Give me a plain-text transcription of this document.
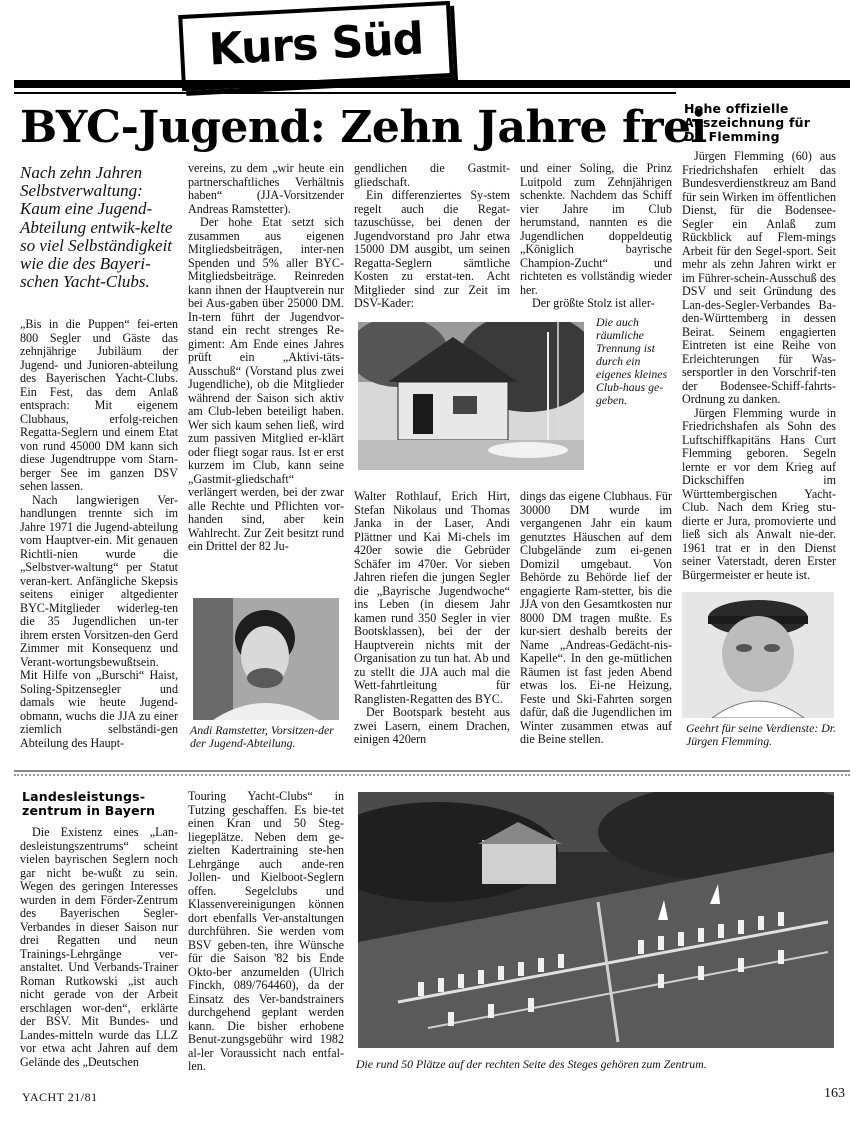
Kurs Süd
BYC-Jugend: Zehn Jahre frei
Nach zehn Jahren Selbstverwaltung: Kaum eine Jugend-Abteilung entwik-kelte so viel Selbständigkeit wie die des Bayeri-schen Yacht-Clubs.

„Bis in die Puppen“ fei-erten 800 Segler und Gäste das zehnjährige Jubiläum der Jugend- und Junioren-abteilung des Bayerischen Yacht-Clubs. Ein Fest, das dem Anlaß entsprach: Mit eigenem Clubhaus, erfolg-reichen Regatta-Seglern und einem Etat von rund 45000 DM kann sich diese Jugendtruppe vom Starn-berger See im ganzen DSV sehen lassen.

Nach langwierigen Ver-handlungen trennte sich im Jahre 1971 die Jugend-abteilung vom Hauptver-ein. Mit genauen Richtli-nien wurde die „Selbstver-waltung“ per Statut veran-kert. Anfängliche Skepsis seitens einiger altgedienter BYC-Mitglieder widerleg-ten die 35 Jugendlichen un-ter ihrem ersten Vorsitzen-den Gerd Zimmer mit Konsequenz und Verant-wortungsbewußtsein. Mit Hilfe von „Burschi“ Haist, Soling-Spitzensegler und damals wie heute Jugend-obmann, wuchs die JJA zu einer ziemlich selbständi-gen Abteilung des Haupt-

vereins, zu dem „wir heute ein partnerschaftliches Verhältnis haben“ (JJA-Vorsitzender Andreas Ramstetter).

Der hohe Etat setzt sich zusammen aus eigenen Mitgliedsbeiträgen, inter-nen Spenden und 5% aller BYC-Mitgliedsbeiträge. Reinreden kann ihnen der Hauptverein nur bei Aus-gaben über 25000 DM. In-tern führt der Jugendvor-stand ein recht strenges Re-giment: Am Ende eines Jahres prüft ein „Aktivi-täts-Ausschuß“ (Vorstand plus zwei Jugendliche), ob die Mitglieder während der Saison sich aktiv am Club-leben beteiligt haben. Wer sich kaum sehen ließ, wird zum passiven Mitglied er-klärt oder fliegt sogar raus. Ist er erst kurzem im Club, kann seine „Gastmit-gliedschaft“ verlängert werden, bei der zwar alle Rechte und Pflichten vor-handen sind, aber kein Wahlrecht. Zur Zeit besitzt rund ein Drittel der 82 Ju-

gendlichen die Gastmit-gliedschaft.

Ein differenziertes Sy-stem regelt auch die Regat-tazuschüsse, bei denen der Jugendvorstand pro Jahr etwa 15000 DM ausgibt, um seinen Regatta-Seglern sämtliche Kosten zu erstat-ten. Acht Mitglieder sind zur Zeit im DSV-Kader:

und einer Soling, die Prinz Luitpold zum Zehnjährigen schenkte. Nachdem das Schiff vier Jahre im Club herumstand, nannten es die Jugendlichen doppeldeutig „Königlich bayrische Champion-Zucht“ und richteten es vollständig wieder her.

Der größte Stolz ist aller-

Die auch räumliche Trennung ist durch ein eigenes kleines Club-haus ge-geben.

Walter Rothlauf, Erich Hirt, Stefan Nikolaus und Thomas Janka in der Laser, Andi Plättner und Kai Mi-chels im 420er sowie die Gebrüder Schäfer im 470er. Vor sieben Jahren riefen die jungen Segler die „Bayrische Jugendwoche“ ins Leben (in diesem Jahr kamen rund 350 Segler in vier Bootsklassen), bei der der Hauptverein nichts mit der Organisation zu tun hat. Ab und zu stellt die JJA auch mal die Wett-fahrtleitung für Ranglisten-Regatten des BYC.

Der Bootspark besteht aus zwei Lasern, einem Drachen, einigen 420ern

dings das eigene Clubhaus. Für 30000 DM wurde im vergangenen Jahr ein kaum genutztes Häuschen auf dem Clubgelände zum ei-genen Domizil umgebaut. Von Behörde zu Behörde lief der engagierte Ram-stetter, bis die JJA von den Gesamtkosten nur 8000 DM tragen mußte. Es kur-siert deshalb bereits der Name „Andreas-Gedächt-nis-Kapelle“. In den ge-mütlichen Räumen ist fast jeden Abend etwas los. Ei-ne Heizung, Feste und Ski-Fahrten sorgen dafür, daß die Jugendlichen im Winter zusammen etwas auf die Beine stellen.

Andi Ramstetter, Vorsitzen-der der Jugend-Abteilung.
Hohe offizielle Auszeichnung für Dr. Flemming

Jürgen Flemming (60) aus Friedrichshafen erhielt das Bundesverdienstkreuz am Band für sein Wirken im öffentlichen Dienst, für die Bodensee-Segler ein Anlaß zum Rückblick auf Flem-mings Arbeit für den Segel-sport. Seit mehr als zehn Jahren wirkt er im Führer-schein-Ausschuß des DSV und seit Gründung des Lan-des-Segler-Verbandes Ba-den-Württemberg in dessen Beirat. Seinem engagierten Eintreten ist eine Reihe von Erleichterungen für Was-sersportler in den Vorschrif-ten der Bodensee-Schiff-fahrts-Ordnung zu danken.

Jürgen Flemming wurde in Friedrichshafen als Sohn des Luftschiffkapitäns Hans Curt Flemming geboren. Segeln lernte er vor dem Krieg auf Dickschiffen im Württembergischen Yacht-Club. Nach dem Krieg stu-dierte er Jura, promovierte und ließ sich als Anwalt nie-der. 1961 trat er in den Dienst seiner Vaterstadt, deren Erster Bürgermeister er heute ist.

Geehrt für seine Verdienste: Dr. Jürgen Flemming.
Landesleistungs-zentrum in Bayern

Die Existenz eines „Lan-desleistungszentrums“ scheint vielen bayrischen Seglern noch gar nicht be-wußt zu sein. Wegen des geringen Interesses wurden in dem Förder-Zentrum des Bayerischen Segler-Verbandes in dieser Saison nur drei Regatten und neun Trainings-Lehrgänge ver-anstaltet. Und Verbands-Trainer Roman Rutkowski „ist auch nicht gerade von der Arbeit erschlagen wor-den“, erklärte der BSV. Mit Bundes- und Landes-mitteln wurde das LLZ vor etwa acht Jahren auf dem Gelände des „Deutschen

Touring Yacht-Clubs“ in Tutzing geschaffen. Es bie-tet einen Kran und 50 Steg-liegeplätze. Neben dem ge-zielten Kadertraining ste-hen Lehrgänge auch ande-ren Jollen- und Kielboot-Seglern offen. Segelclubs und Klassenvereinigungen können dort ebenfalls Ver-anstaltungen durchführen. Sie werden vom BSV geben-ten, ihre Wünsche für die Saison '82 bis Ende Okto-ber anzumelden (Ulrich Finckh, 089/764460), da der Einsatz des Ver-bandstrainers durchgehend geplant werden kann. Die bisher erhobene Benut-zungsgebühr wird 1982 al-ler Voraussicht nach entfal-len.	Die rund 50 Plätze auf der rechten Seite des Steges gehören zum Zentrum.
YACHT 21/81	163
